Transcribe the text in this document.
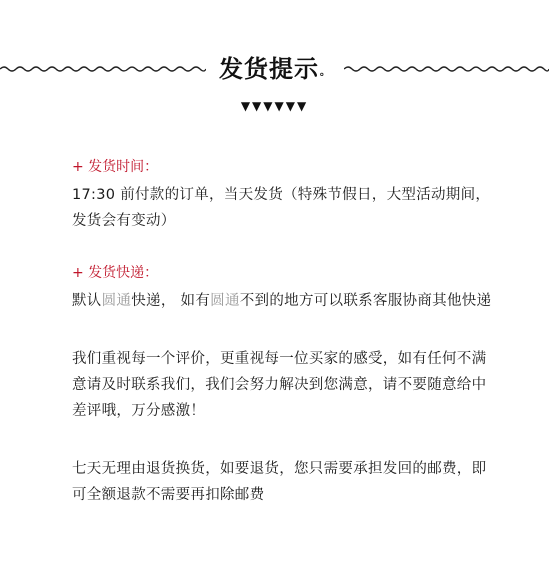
发货提示。
▼▼▼▼▼▼

+ 发货时间：

17:30 前付款的订单，当天发货（特殊节假日，大型活动期间，发货会有变动）

+ 发货快递：

默认圆通快递， 如有圆通不到的地方可以联系客服协商其他快递

我们重视每一个评价，更重视每一位买家的感受，如有任何不满意请及时联系我们，我们会努力解决到您满意，请不要随意给中差评哦，万分感激！

七天无理由退货换货，如要退货，您只需要承担发回的邮费，即可全额退款不需要再扣除邮费
